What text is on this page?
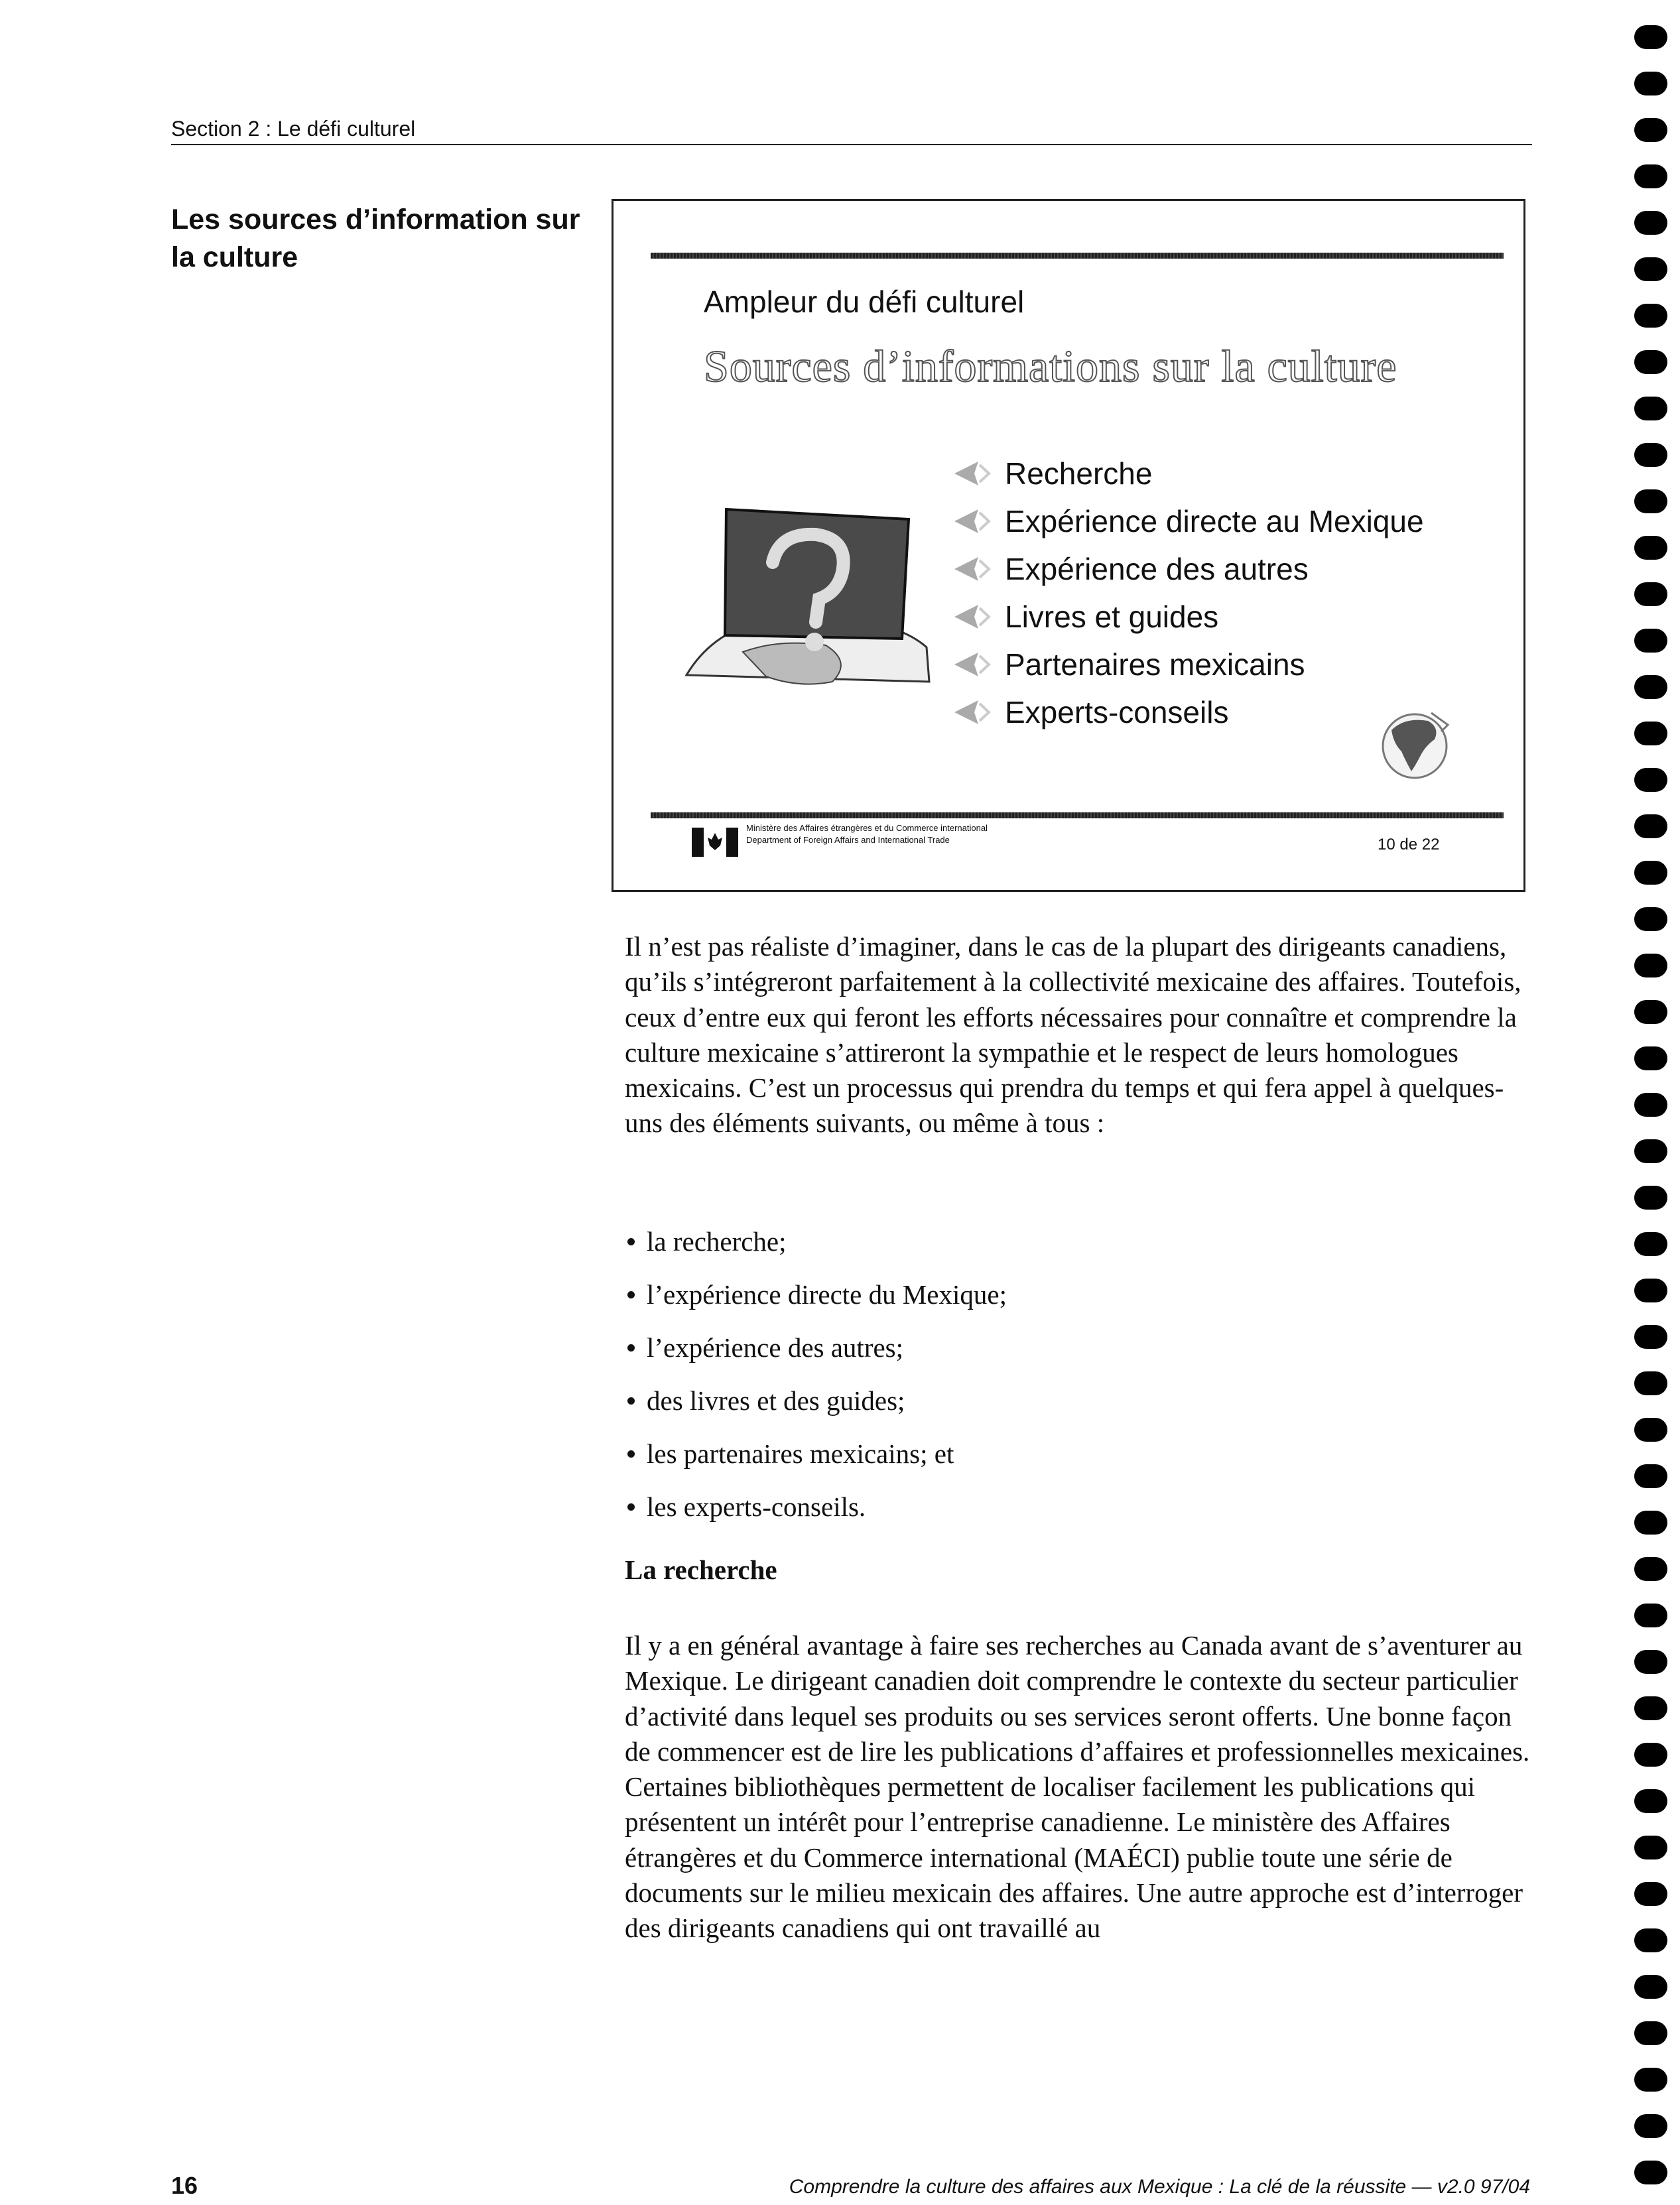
Section 2 : Le défi culturel
Les sources d’information sur la culture
Ampleur du défi culturel
Sources d’informations sur la culture
Recherche
Expérience directe au Mexique
Expérience des autres
Livres et guides
Partenaires mexicains
Experts-conseils
Ministère des Affaires étrangères et du Commerce international
Department of Foreign Affairs and International Trade	10 de 22

Il n’est pas réaliste d’imaginer, dans le cas de la plupart des dirigeants canadiens, qu’ils s’intégreront parfaitement à la collectivité mexicaine des affaires. Toutefois, ceux d’entre eux qui feront les efforts nécessaires pour connaître et comprendre la culture mexicaine s’attireront la sympathie et le respect de leurs homologues mexicains. C’est un processus qui prendra du temps et qui fera appel à quelques-uns des éléments suivants, ou même à tous :

la recherche;
l’expérience directe du Mexique;
l’expérience des autres;
des livres et des guides;
les partenaires mexicains; et
les experts-conseils.
La recherche

Il y a en général avantage à faire ses recherches au Canada avant de s’aventurer au Mexique. Le dirigeant canadien doit comprendre le contexte du secteur particulier d’activité dans lequel ses produits ou ses services seront offerts. Une bonne façon de commencer est de lire les publications d’affaires et professionnelles mexicaines. Certaines bibliothèques permettent de localiser facilement les publications qui présentent un intérêt pour l’entreprise canadienne. Le ministère des Affaires étrangères et du Commerce international (MAÉCI) publie toute une série de documents sur le milieu mexicain des affaires. Une autre approche est d’interroger des dirigeants canadiens qui ont travaillé au

16	Comprendre la culture des affaires aux Mexique : La clé de la réussite — v2.0 97/04
